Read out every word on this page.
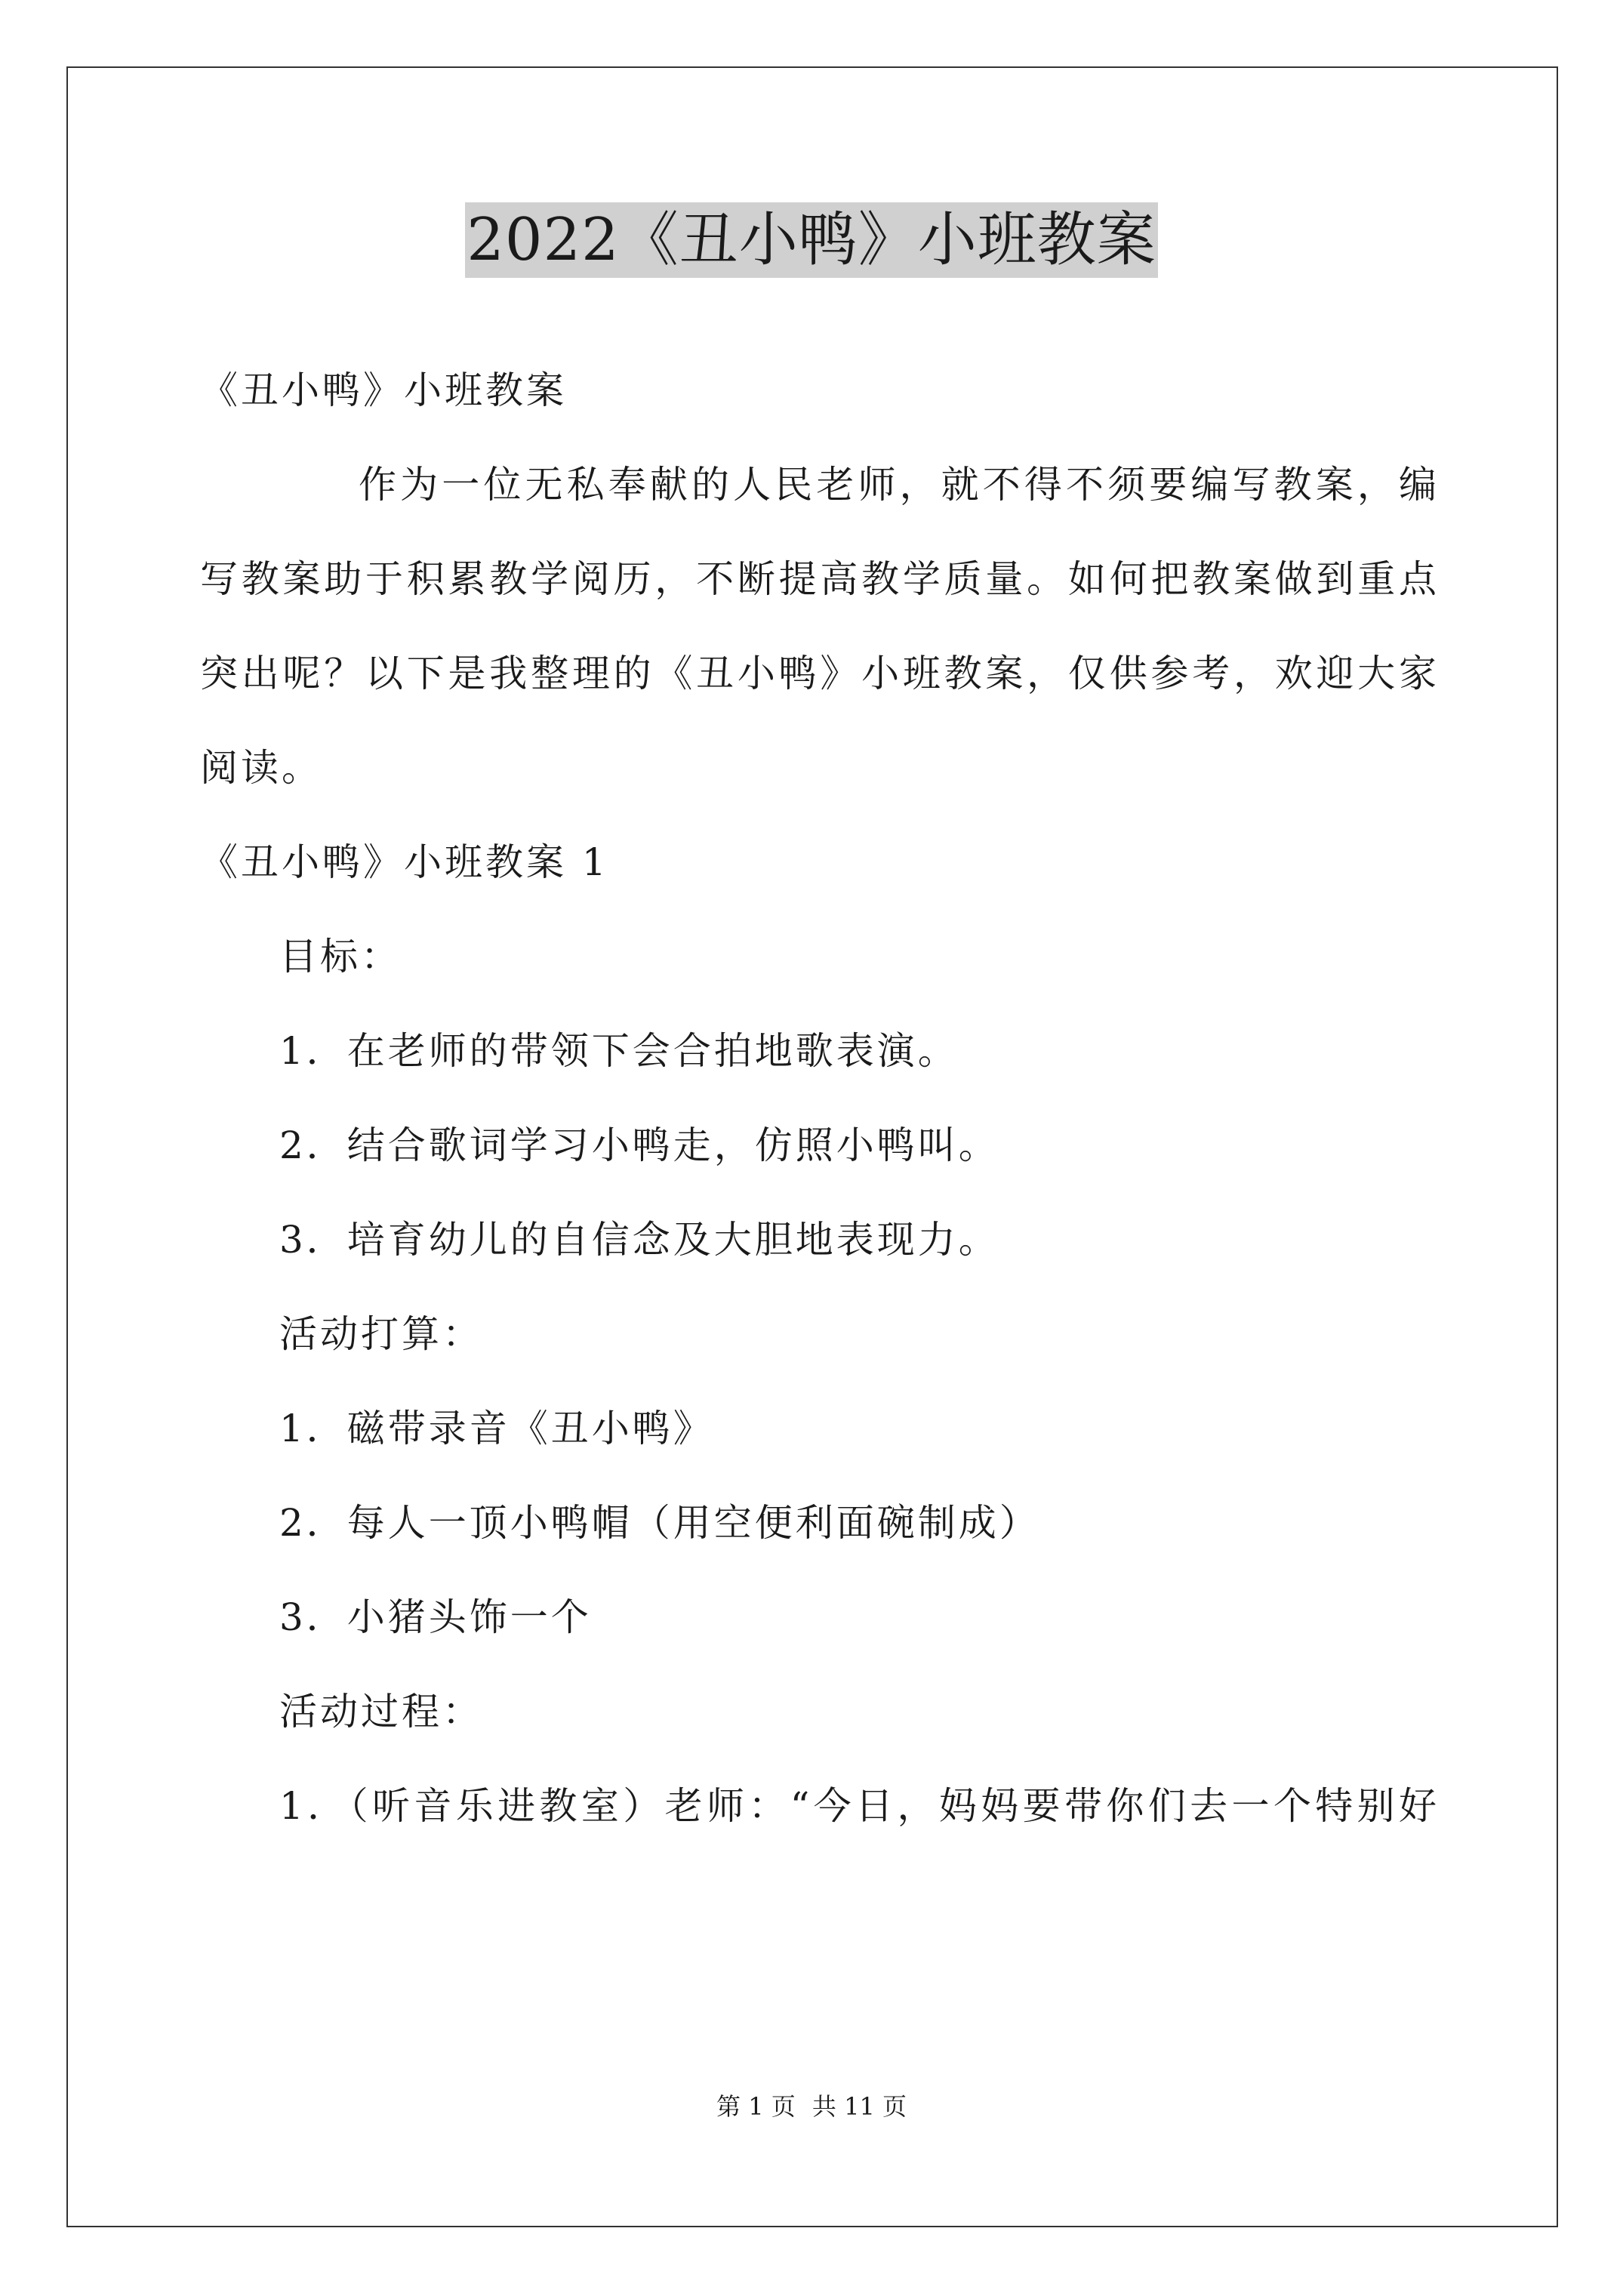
2022《丑小鸭》小班教案
《丑小鸭》小班教案
作为一位无私奉献的人民老师，就不得不须要编写教案，编
写教案助于积累教学阅历，不断提高教学质量。如何把教案做到重点
突出呢？以下是我整理的《丑小鸭》小班教案，仅供参考，欢迎大家
阅读。
《丑小鸭》小班教案 1
目标：
1．在老师的带领下会合拍地歌表演。
2．结合歌词学习小鸭走，仿照小鸭叫。
3．培育幼儿的自信念及大胆地表现力。
活动打算：
1．磁带录音《丑小鸭》
2．每人一顶小鸭帽（用空便利面碗制成）
3．小猪头饰一个
活动过程：
1．（听音乐进教室）老师：“今日，妈妈要带你们去一个特别好
第 1 页 共 11 页
